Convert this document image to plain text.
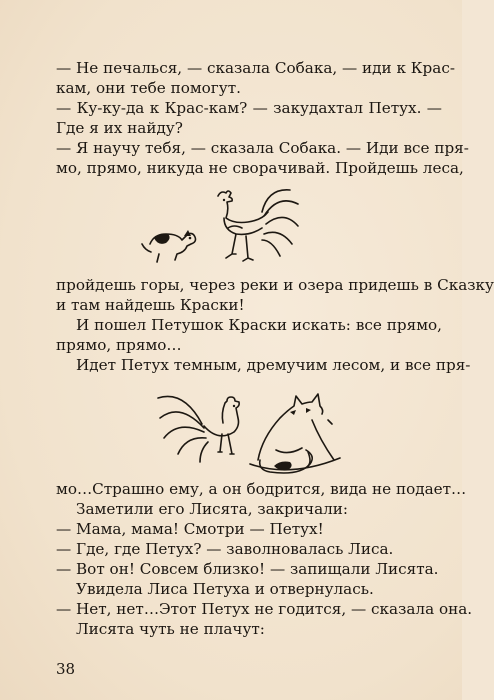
— Не печалься, — сказала Собака, — иди к Крас-
кам, они тебе помогут.
— Ку-ку-да к Крас-кам? — закудахтал Петух. —
Где я их найду?
— Я научу тебя, — сказала Собака. — Иди все пря-
мо, прямо, никуда не сворачивай. Пройдешь леса,
пройдешь горы, через реки и озера придешь в Сказку
и там найдешь Краски!
И пошел Петушок Краски искать: все прямо,
прямо, прямо…
Идет Петух темным, дремучим лесом, и все пря-
мо…Страшно ему, а он бодрится, вида не подает…
Заметили его Лисята, закричали:
— Мама, мама! Смотри — Петух!
— Где, где Петух? — заволновалась Лиса.
— Вот он! Совсем близко! — запищали Лисята.
Увидела Лиса Петуха и отвернулась.
— Нет, нет…Этот Петух не годится, — сказала она.
Лисята чуть не плачут:
38
